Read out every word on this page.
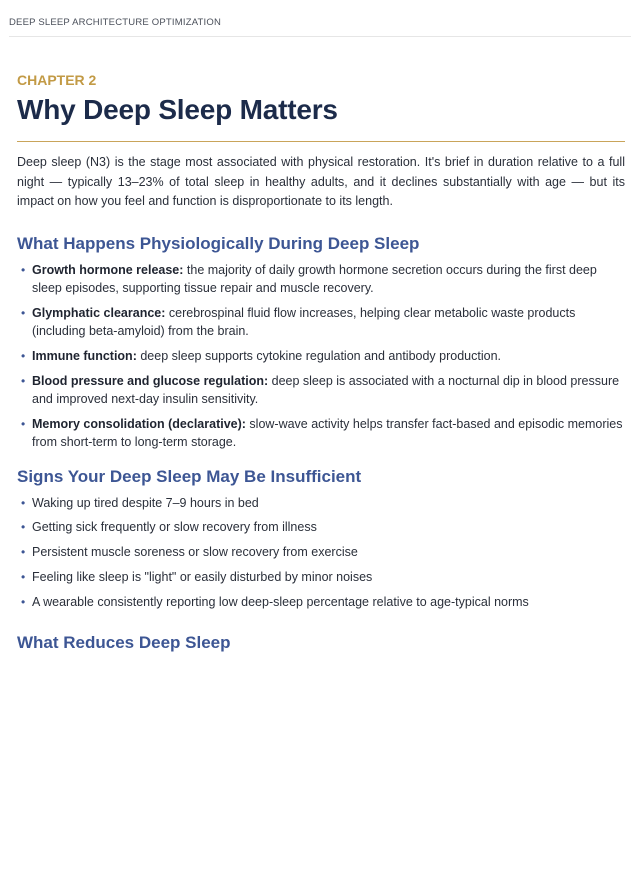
DEEP SLEEP ARCHITECTURE OPTIMIZATION
CHAPTER 2
Why Deep Sleep Matters

Deep sleep (N3) is the stage most associated with physical restoration. It's brief in duration relative to a full night — typically 13–23% of total sleep in healthy adults, and it declines substantially with age — but its impact on how you feel and function is disproportionate to its length.

What Happens Physiologically During Deep Sleep
• Growth hormone release: the majority of daily growth hormone secretion occurs during the first deep sleep episodes, supporting tissue repair and muscle recovery.
• Glymphatic clearance: cerebrospinal fluid flow increases, helping clear metabolic waste products (including beta-amyloid) from the brain.
• Immune function: deep sleep supports cytokine regulation and antibody production.
• Blood pressure and glucose regulation: deep sleep is associated with a nocturnal dip in blood pressure and improved next-day insulin sensitivity.
• Memory consolidation (declarative): slow-wave activity helps transfer fact-based and episodic memories from short-term to long-term storage.
Signs Your Deep Sleep May Be Insufficient
• Waking up tired despite 7–9 hours in bed
• Getting sick frequently or slow recovery from illness
• Persistent muscle soreness or slow recovery from exercise
• Feeling like sleep is "light" or easily disturbed by minor noises
• A wearable consistently reporting low deep-sleep percentage relative to age-typical norms
What Reduces Deep Sleep
